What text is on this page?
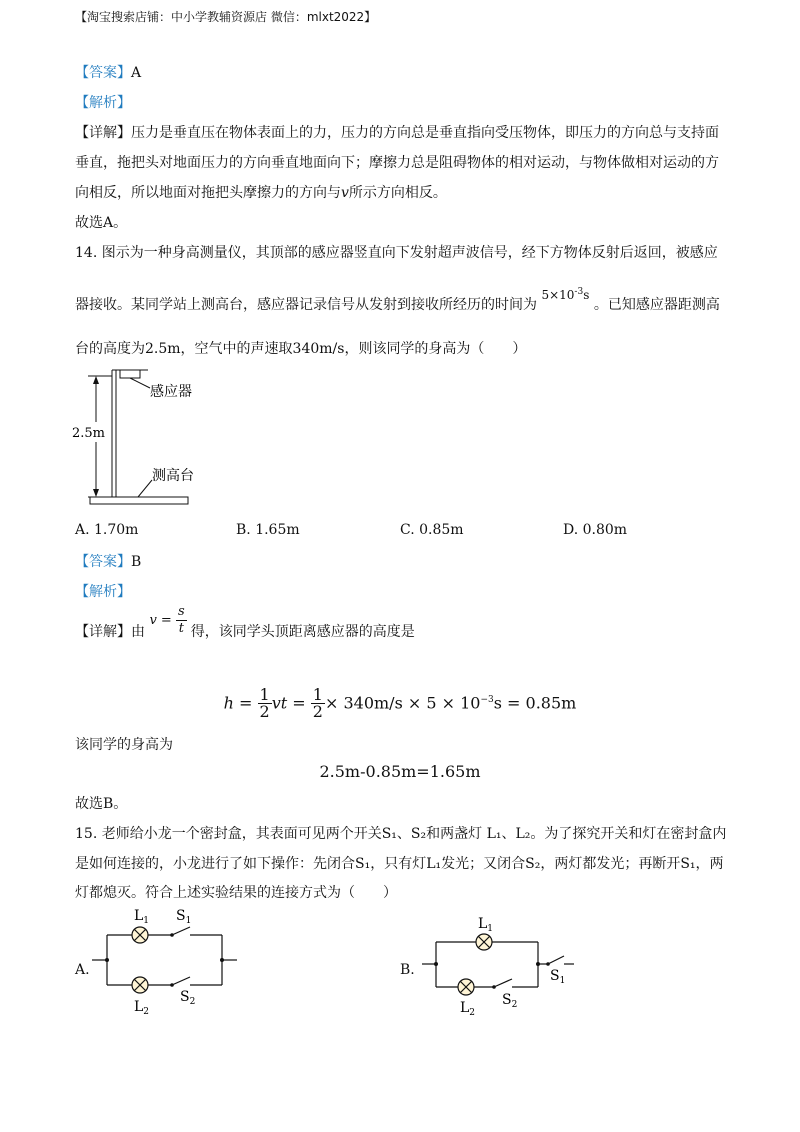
【淘宝搜索店铺：中小学教辅资源店 微信：mlxt2022】
【答案】A
【解析】
【详解】压力是垂直压在物体表面上的力，压力的方向总是垂直指向受压物体，即压力的方向总与支持面
垂直，拖把头对地面压力的方向垂直地面向下；摩擦力总是阻碍物体的相对运动，与物体做相对运动的方
向相反，所以地面对拖把头摩擦力的方向与v所示方向相反。
故选A。
14. 图示为一种身高测量仪，其顶部的感应器竖直向下发射超声波信号，经下方物体反射后返回，被感应
器接收。某同学站上测高台，感应器记录信号从发射到接收所经历的时间为 $5\times 10^{-3}s$ 。已知感应器距测高
台的高度为2.5m，空气中的声速取340m/s，则该同学的身高为（　　）
感应器
2.5m
测高台
A. 1.70m	B. 1.65m	C. 0.85m	D. 0.80m
【答案】B
【解析】
【详解】由 $v = \frac{s}{t}$ 得，该同学头顶距离感应器的高度是
$h = \frac{1}{2}$ vt = $\frac{1}{2} \times 340m/s \times 5 \times 10^{-3}s = 0.85m$
该同学的身高为
2.5m-0.85m=1.65m
故选B。
15. 老师给小龙一个密封盒，其表面可见两个开关S₁、S₂和两盏灯 L₁、L₂。为了探究开关和灯在密封盒内
是如何连接的，小龙进行了如下操作：先闭合S₁，只有灯L₁发光；又闭合S₂，两灯都发光；再断开S₁，两
灯都熄灭。符合上述实验结果的连接方式为（　　）
A.
$L_1$ $S_1$
$L_2$
$S_2$
B.
$L_1$
$S_1$
$L_2$
$S_2$
